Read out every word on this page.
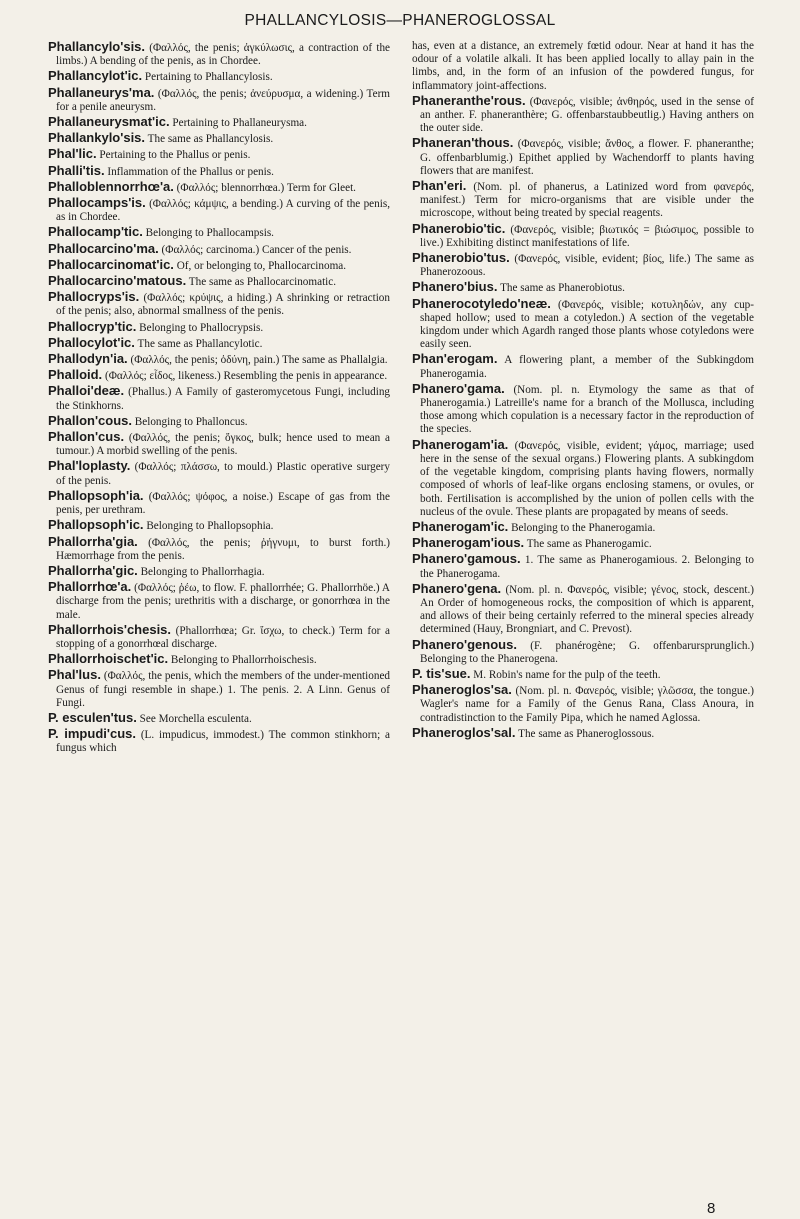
PHALLANCYLOSIS—PHANEROGLOSSAL

Phallancylo'sis. (Φαλλός, the penis; ἀγκύλωσις, a contraction of the limbs.) A bending of the penis, as in Chordee.

Phallancylot'ic. Pertaining to Phallancylosis.

Phallaneurys'ma. (Φαλλός, the penis; ἀνεύρυσμα, a widening.) Term for a penile aneurysm.

Phallaneurysmat'ic. Pertaining to Phallaneurysma.

Phallankylo'sis. The same as Phallancylosis.

Phal'lic. Pertaining to the Phallus or penis.

Phalli'tis. Inflammation of the Phallus or penis.

Phalloblennorrhœ'a. (Φαλλός; blennorrhœa.) Term for Gleet.

Phallocamps'is. (Φαλλός; κάμψις, a bending.) A curving of the penis, as in Chordee.

Phallocamp'tic. Belonging to Phallocampsis.

Phallocarcino'ma. (Φαλλός; carcinoma.) Cancer of the penis.

Phallocarcinomat'ic. Of, or belonging to, Phallocarcinoma.

Phallocarcino'matous. The same as Phallocarcinomatic.

Phallocryps'is. (Φαλλός; κρύψις, a hiding.) A shrinking or retraction of the penis; also, abnormal smallness of the penis.

Phallocryp'tic. Belonging to Phallocrypsis.

Phallocylot'ic. The same as Phallancylotic.

Phallodyn'ia. (Φαλλός, the penis; ὀδύνη, pain.) The same as Phallalgia.

Phalloid. (Φαλλός; εἶδος, likeness.) Resembling the penis in appearance.

Phalloi'deæ. (Phallus.) A Family of gasteromycetous Fungi, including the Stinkhorns.

Phallon'cous. Belonging to Phalloncus.

Phallon'cus. (Φαλλός, the penis; ὄγκος, bulk; hence used to mean a tumour.) A morbid swelling of the penis.

Phal'loplasty. (Φαλλός; πλάσσω, to mould.) Plastic operative surgery of the penis.

Phallopsoph'ia. (Φαλλός; ψόφος, a noise.) Escape of gas from the penis, per urethram.

Phallopsoph'ic. Belonging to Phallopsophia.

Phallorrha'gia. (Φαλλός, the penis; ῥήγνυμι, to burst forth.) Hæmorrhage from the penis.

Phallorrha'gic. Belonging to Phallorrhagia.

Phallorrhœ'a. (Φαλλός; ῥέω, to flow. F. phallorrhée; G. Phallorrhöe.) A discharge from the penis; urethritis with a discharge, or gonorrhœa in the male.

Phallorrhois'chesis. (Phallorrhœa; Gr. ἴσχω, to check.) Term for a stopping of a gonorrhœal discharge.

Phallorrhoischet'ic. Belonging to Phallorrhoischesis.

Phal'lus. (Φαλλός, the penis, which the members of the under-mentioned Genus of fungi resemble in shape.) 1. The penis. 2. A Linn. Genus of Fungi.

P. esculen'tus. See Morchella esculenta.

P. impudi'cus. (L. impudicus, immodest.) The common stinkhorn; a fungus which

has, even at a distance, an extremely fœtid odour. Near at hand it has the odour of a volatile alkali. It has been applied locally to allay pain in the limbs, and, in the form of an infusion of the powdered fungus, for inflammatory joint-affections.

Phaneranthe'rous. (Φανερός, visible; ἀνθηρός, used in the sense of an anther. F. phaneranthère; G. offenbarstaubbeutlig.) Having anthers on the outer side.

Phaneran'thous. (Φανερός, visible; ἄνθος, a flower. F. phaneranthe; G. offenbarblumig.) Epithet applied by Wachendorff to plants having flowers that are manifest.

Phan'eri. (Nom. pl. of phanerus, a Latinized word from φανερός, manifest.) Term for micro-organisms that are visible under the microscope, without being treated by special reagents.

Phanerobio'tic. (Φανερός, visible; βιωτικός = βιώσιμος, possible to live.) Exhibiting distinct manifestations of life.

Phanerobio'tus. (Φανερός, visible, evident; βίος, life.) The same as Phanerozoous.

Phanero'bius. The same as Phanerobiotus.

Phanerocotyledo'neæ. (Φανερός, visible; κοτυληδών, any cup-shaped hollow; used to mean a cotyledon.) A section of the vegetable kingdom under which Agardh ranged those plants whose cotyledons were easily seen.

Phan'erogam. A flowering plant, a member of the Subkingdom Phanerogamia.

Phanero'gama. (Nom. pl. n. Etymology the same as that of Phanerogamia.) Latreille's name for a branch of the Mollusca, including those among which copulation is a necessary factor in the reproduction of the species.

Phanerogam'ia. (Φανερός, visible, evident; γάμος, marriage; used here in the sense of the sexual organs.) Flowering plants. A subkingdom of the vegetable kingdom, comprising plants having flowers, normally composed of whorls of leaf-like organs enclosing stamens, or ovules, or both. Fertilisation is accomplished by the union of pollen cells with the nucleus of the ovule. These plants are propagated by means of seeds.

Phanerogam'ic. Belonging to the Phanerogamia.

Phanerogam'ious. The same as Phanerogamic.

Phanero'gamous. 1. The same as Phanerogamious. 2. Belonging to the Phanerogama.

Phanero'gena. (Nom. pl. n. Φανερός, visible; γένος, stock, descent.) An Order of homogeneous rocks, the composition of which is apparent, and allows of their being certainly referred to the mineral species already determined (Hauy, Brongniart, and C. Prevost).

Phanero'genous. (F. phanérogène; G. offenbarursprunglich.) Belonging to the Phanerogena.

P. tis'sue. M. Robin's name for the pulp of the teeth.

Phaneroglos'sa. (Nom. pl. n. Φανερός, visible; γλῶσσα, the tongue.) Wagler's name for a Family of the Genus Rana, Class Anoura, in contradistinction to the Family Pipa, which he named Aglossa.

Phaneroglos'sal. The same as Phaneroglossous.

8
